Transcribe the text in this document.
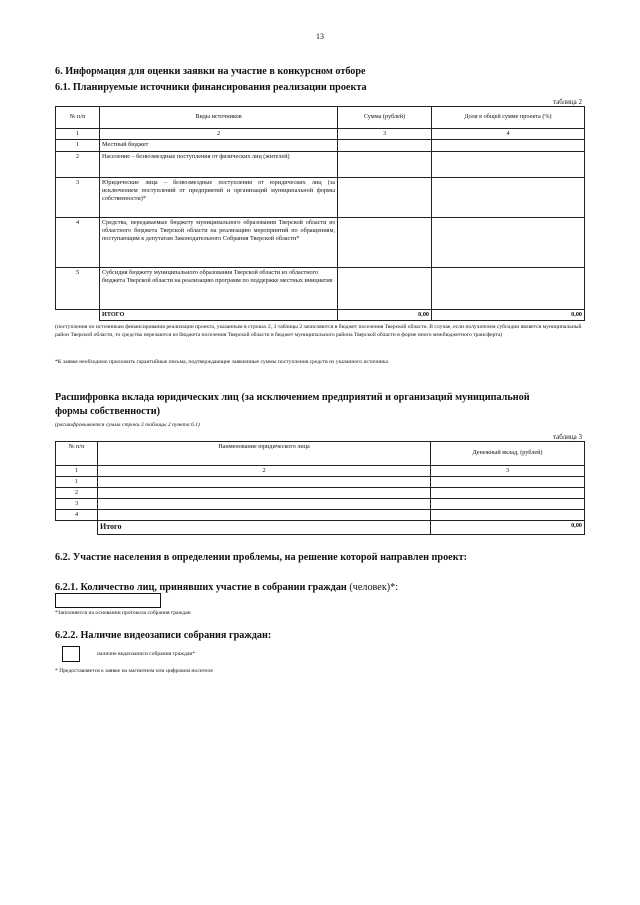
13
6. Информация для оценки заявки на участие в конкурсном отборе
6.1. Планируемые источники финансирования реализации проекта
таблица 2
№ п/п	Виды источников	Сумма (рублей)	Доля в общей сумме проекта (%)
1	2	3	4
1	Местный бюджет		
2	Население – безвозмездные поступления от физических лиц (жителей)		
3	Юридические лица – безвозмездные поступления от юридических лиц (за исключением поступлений от предприятий и организаций муниципальной формы собственности)*		
4	Средства, передаваемые бюджету муниципального образования Тверской области из областного бюджета Тверской области на реализацию мероприятий по обращениям, поступающим к депутатам Законодательного Собрания Тверской области*		
5	Субсидия бюджету муниципального образования Тверской области из областного бюджета Тверской области на реализацию программ по поддержке местных инициатив		
	ИТОГО	0,00	0,00
(поступления по источникам финансирования реализации проекта, указанным в строках 2, 3 таблицы 2 зачисляются в бюджет поселения Тверской области. В случае, если получателем субсидии является муниципальный район Тверской области, то средства перелаются из бюджета поселения Тверской области в бюджет муниципального района Тверской области в форме иного межбюджетного трансферта)
*К заявке необходимо приложить гарантийные письма, подтверждающие заявленные суммы поступления средств из указанного источника
Расшифровка вклада юридических лиц (за исключением предприятий и организаций муниципальной
формы собственности)
(расшифровывается сумма строки 3 таблицы 2 пункта 6.1)
таблица 3
№ п/п	Наименование юридического лица	Денежный вклад, (рублей)
1	2	3
1		
2		
3		
4		
	Итого	0,00
6.2. Участие населения в определении проблемы, на решение которой направлен проект:
6.2.1. Количество лиц, принявших участие в собрании граждан (человек)*:
*Заполняется на основании протокола собрания граждан
6.2.2. Наличие видеозаписи собрания граждан:
наличие видеозаписи собрания граждан*
* Предоставляется к заявке на магнитном или цифровом носителе
